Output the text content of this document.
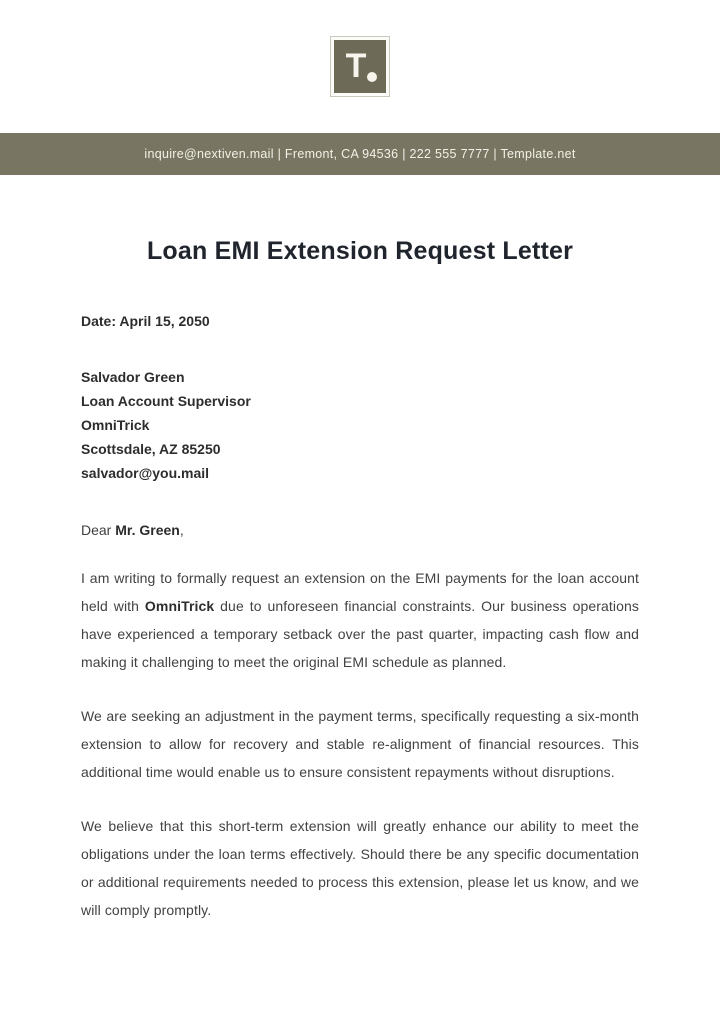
T
inquire@nextiven.mail | Fremont, CA 94536 | 222 555 7777 | Template.net
Loan EMI Extension Request Letter

Date: April 15, 2050

Salvador Green
Loan Account Supervisor
OmniTrick
Scottsdale, AZ 85250
salvador@you.mail

Dear Mr. Green,

I am writing to formally request an extension on the EMI payments for the loan account held with OmniTrick due to unforeseen financial constraints. Our business operations have experienced a temporary setback over the past quarter, impacting cash flow and making it challenging to meet the original EMI schedule as planned.

We are seeking an adjustment in the payment terms, specifically requesting a six-month extension to allow for recovery and stable re-alignment of financial resources. This additional time would enable us to ensure consistent repayments without disruptions.

We believe that this short-term extension will greatly enhance our ability to meet the obligations under the loan terms effectively. Should there be any specific documentation or additional requirements needed to process this extension, please let us know, and we will comply promptly.
